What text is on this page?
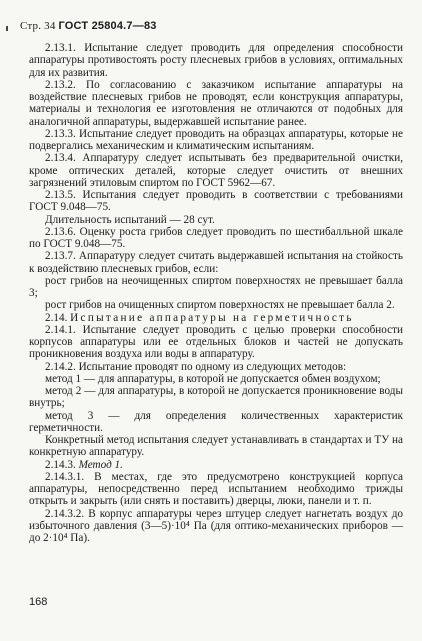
Стр. 34 ГОСТ 25804.7—83

2.13.1. Испытание следует проводить для определения способности аппаратуры противостоять росту плесневых грибов в условиях, оптимальных для их развития.

2.13.2. По согласованию с заказчиком испытание аппаратуры на воздействие плесневых грибов не проводят, если конструкция аппаратуры, материалы и технология ее изготовления не отличаются от подобных для аналогичной аппаратуры, выдержавшей испытание ранее.

2.13.3. Испытание следует проводить на образцах аппаратуры, которые не подвергались механическим и климатическим испытаниям.

2.13.4. Аппаратуру следует испытывать без предварительной очистки, кроме оптических деталей, которые следует очистить от внешних загрязнений этиловым спиртом по ГОСТ 5962—67.

2.13.5. Испытания следует проводить в соответствии с требованиями ГОСТ 9.048—75.

Длительность испытаний — 28 сут.

2.13.6. Оценку роста грибов следует проводить по шестибалльной шкале по ГОСТ 9.048—75.

2.13.7. Аппаратуру следует считать выдержавшей испытания на стойкость к воздействию плесневых грибов, если:

рост грибов на неочищенных спиртом поверхностях не превышает балла 3;

рост грибов на очищенных спиртом поверхностях не превышает балла 2.

2.14. Испытание аппаратуры на герметичность

2.14.1. Испытание следует проводить с целью проверки способности корпусов аппаратуры или ее отдельных блоков и частей не допускать проникновения воздуха или воды в аппаратуру.

2.14.2. Испытание проводят по одному из следующих методов:

метод 1 — для аппаратуры, в которой не допускается обмен воздухом;

метод 2 — для аппаратуры, в которой не допускается проникновение воды внутрь;

метод 3 — для определения количественных характеристик герметичности.

Конкретный метод испытания следует устанавливать в стандартах и ТУ на конкретную аппаратуру.

2.14.3. Метод 1.

2.14.3.1. В местах, где это предусмотрено конструкцией корпуса аппаратуры, непосредственно перед испытанием необходимо трижды открыть и закрыть (или снять и поставить) дверцы, люки, панели и т. п.

2.14.3.2. В корпус аппаратуры через штуцер следует нагнетать воздух до избыточного давления (3—5)·10⁴ Па (для оптико-механических приборов — до 2·10⁴ Па).

168
